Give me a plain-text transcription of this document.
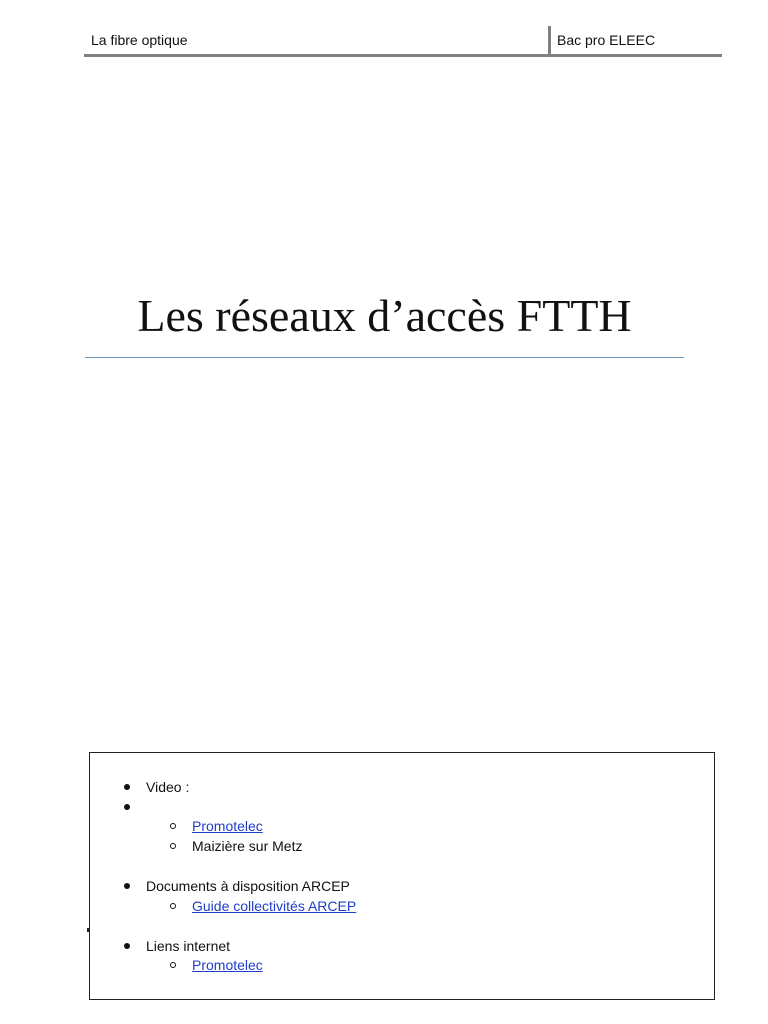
La fibre optique	Bac pro ELEEC
Les réseaux d’accès FTTH
Video :
Promotelec
Maizière sur Metz
Documents à disposition ARCEP
Guide collectivités ARCEP
Liens internet
Promotelec
